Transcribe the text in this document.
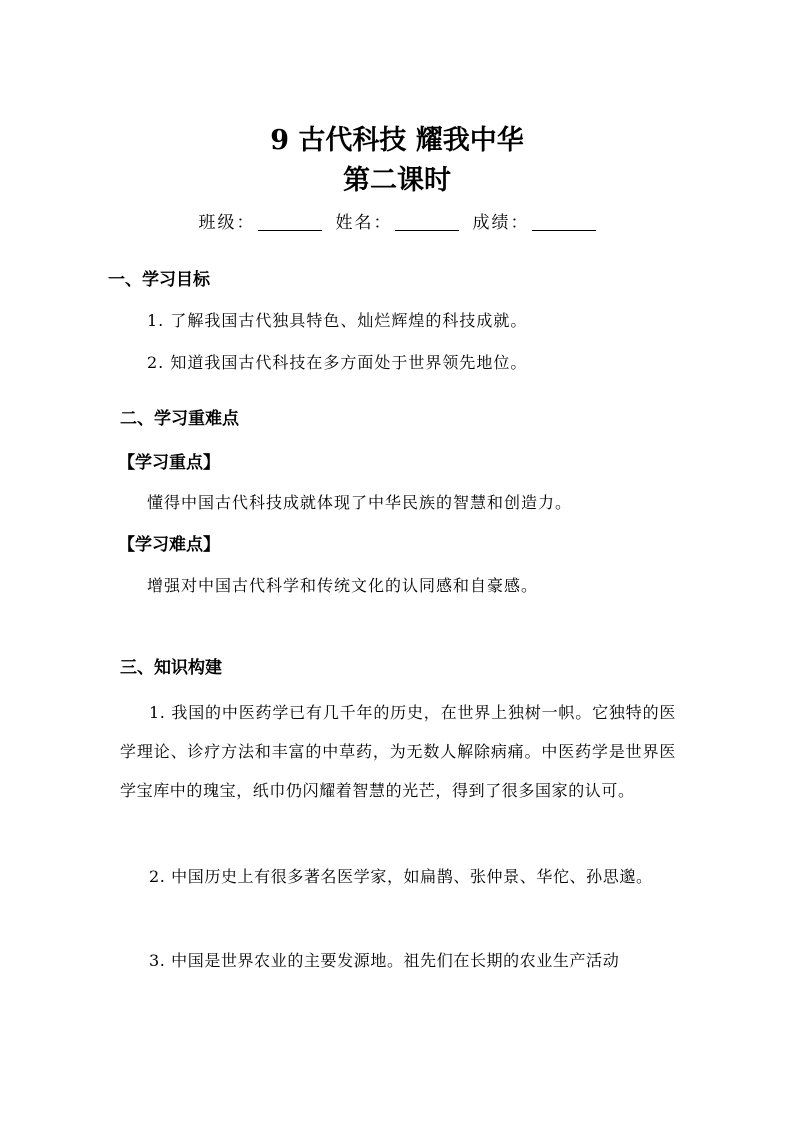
9 古代科技 耀我中华
第二课时
班级：	姓名：	成绩：
一、学习目标
1. 了解我国古代独具特色、灿烂辉煌的科技成就。
2. 知道我国古代科技在多方面处于世界领先地位。
二、学习重难点
【学习重点】
懂得中国古代科技成就体现了中华民族的智慧和创造力。
【学习难点】
增强对中国古代科学和传统文化的认同感和自豪感。
三、知识构建

1. 我国的中医药学已有几千年的历史，在世界上独树一帜。它独特的医学理论、诊疗方法和丰富的中草药，为无数人解除病痛。中医药学是世界医学宝库中的瑰宝，纸巾仍闪耀着智慧的光芒，得到了很多国家的认可。

2. 中国历史上有很多著名医学家，如扁鹊、张仲景、华佗、孙思邈。

3. 中国是世界农业的主要发源地。祖先们在长期的农业生产活动
